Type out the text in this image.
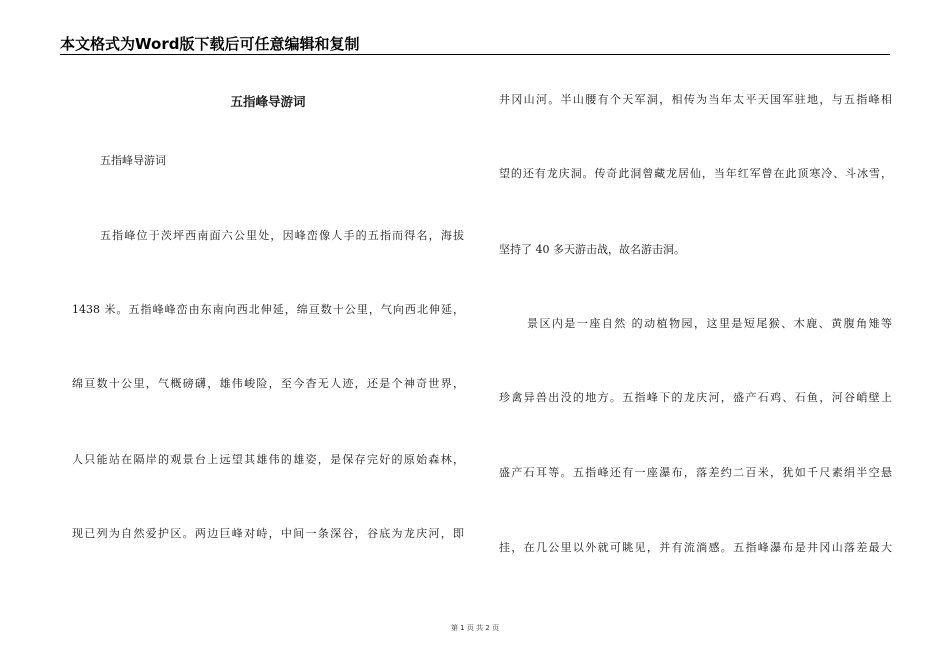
本文格式为Word版下载后可任意编辑和复制
五指峰导游词
五指峰导游词
五指峰位于茨坪西南面六公里处，因峰峦像人手的五指而得名，海拔
1438 米。五指峰峰峦由东南向西北伸延，绵亘数十公里，气向西北伸延，
绵亘数十公里，气概磅礴，雄伟峻险，至今杳无人迹，还是个神奇世界，
人只能站在隔岸的观景台上远望其雄伟的雄姿，是保存完好的原始森林，
现已列为自然爱护区。两边巨峰对峙，中间一条深谷，谷底为龙庆河，即
井冈山河。半山腰有个天军洞，相传为当年太平天国军驻地，与五指峰相
望的还有龙庆洞。传奇此洞曾藏龙居仙，当年红军曾在此顶寒冷、斗冰雪，
坚持了 40 多天游击战，故名游击洞。
景区内是一座自然 的动植物园，这里是短尾猴、木鹿、黄腹角雉等
珍禽异兽出没的地方。五指峰下的龙庆河，盛产石鸡、石鱼，河谷峭壁上
盛产石耳等。五指峰还有一座瀑布，落差约二百米，犹如千尺素绢半空悬
挂，在几公里以外就可眺见，并有流淌感。五指峰瀑布是井冈山落差最大
第 1 页 共 2 页
